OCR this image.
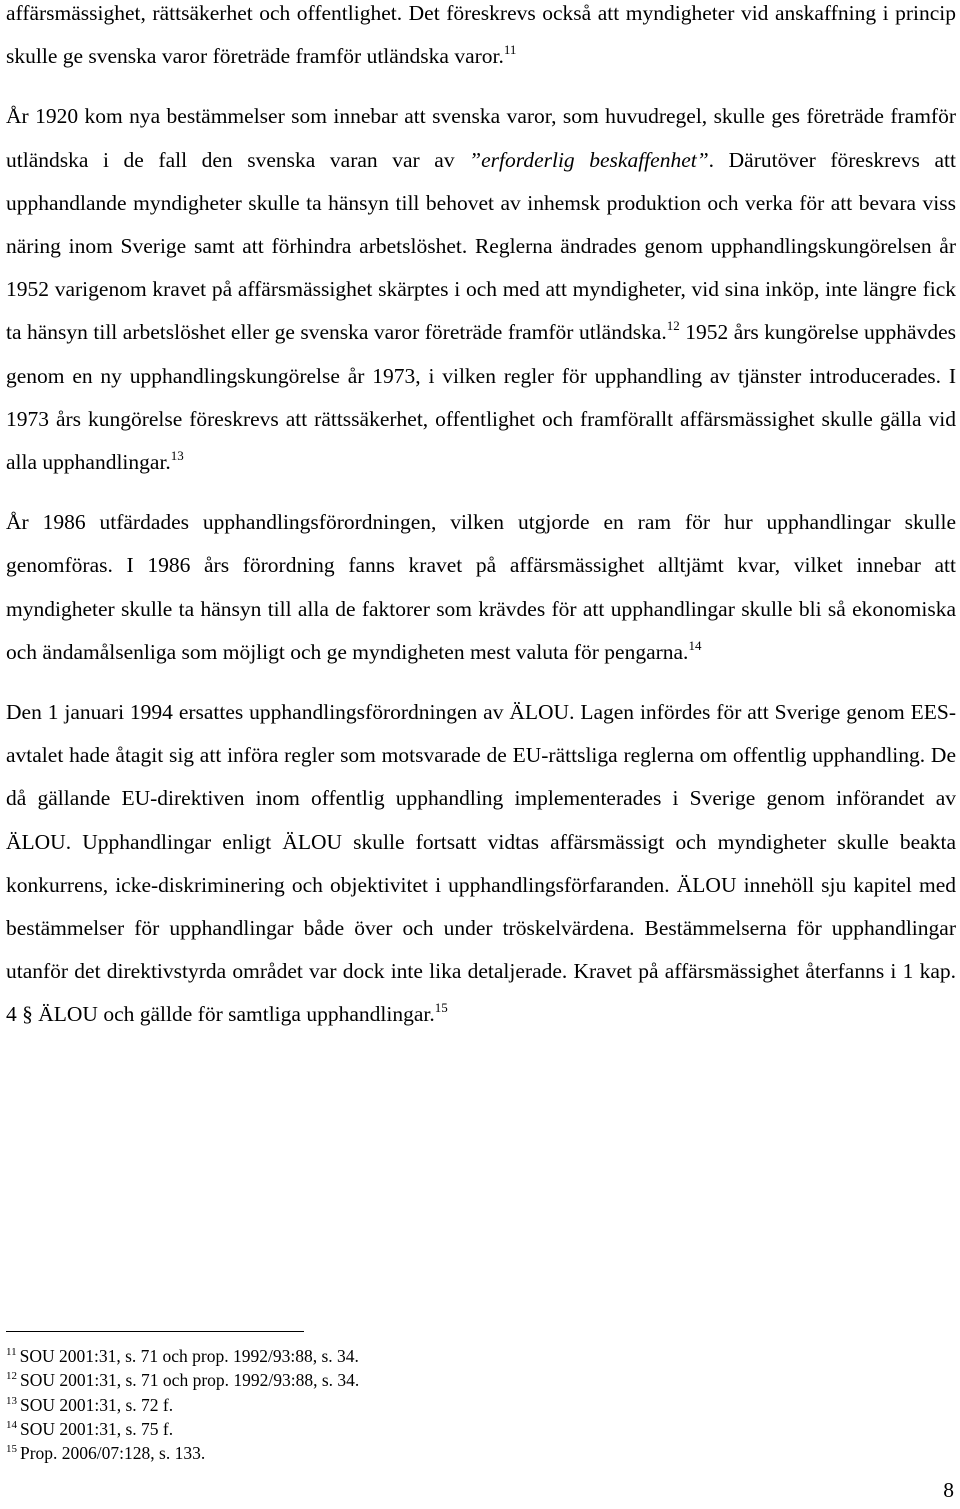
affärsmässighet, rättsäkerhet och offentlighet. Det föreskrevs också att myndigheter vid anskaffning i princip skulle ge svenska varor företräde framför utländska varor.$^{11}$

År 1920 kom nya bestämmelser som innebar att svenska varor, som huvudregel, skulle ges företräde framför utländska i de fall den svenska varan var av ”erforderlig beskaffenhet”. Därutöver föreskrevs att upphandlande myndigheter skulle ta hänsyn till behovet av inhemsk produktion och verka för att bevara viss näring inom Sverige samt att förhindra arbetslöshet. Reglerna ändrades genom upphandlingskungörelsen år 1952 varigenom kravet på affärsmässighet skärptes i och med att myndigheter, vid sina inköp, inte längre fick ta hänsyn till arbetslöshet eller ge svenska varor företräde framför utländska.$^{12}$ 1952 års kungörelse upphävdes genom en ny upphandlingskungörelse år 1973, i vilken regler för upphandling av tjänster introducerades. I 1973 års kungörelse föreskrevs att rättssäkerhet, offentlighet och framförallt affärsmässighet skulle gälla vid alla upphandlingar.$^{13}$

År 1986 utfärdades upphandlingsförordningen, vilken utgjorde en ram för hur upphandlingar skulle genomföras. I 1986 års förordning fanns kravet på affärsmässighet alltjämt kvar, vilket innebar att myndigheter skulle ta hänsyn till alla de faktorer som krävdes för att upphandlingar skulle bli så ekonomiska och ändamålsenliga som möjligt och ge myndigheten mest valuta för pengarna.$^{14}$

Den 1 januari 1994 ersattes upphandlingsförordningen av ÄLOU. Lagen infördes för att Sverige genom EES-avtalet hade åtagit sig att införa regler som motsvarade de EU-rättsliga reglerna om offentlig upphandling. De då gällande EU-direktiven inom offentlig upphandling implementerades i Sverige genom införandet av ÄLOU. Upphandlingar enligt ÄLOU skulle fortsatt vidtas affärsmässigt och myndigheter skulle beakta konkurrens, icke-diskriminering och objektivitet i upphandlingsförfaranden. ÄLOU innehöll sju kapitel med bestämmelser för upphandlingar både över och under tröskelvärdena. Bestämmelserna för upphandlingar utanför det direktivstyrda området var dock inte lika detaljerade. Kravet på affärsmässighet återfanns i 1 kap. 4 § ÄLOU och gällde för samtliga upphandlingar.$^{15}$

$^{11}$ SOU 2001:31, s. 71 och prop. 1992/93:88, s. 34.
$^{12}$ SOU 2001:31, s. 71 och prop. 1992/93:88, s. 34.
$^{13}$ SOU 2001:31, s. 72 f.
$^{14}$ SOU 2001:31, s. 75 f.
$^{15}$ Prop. 2006/07:128, s. 133.
8
